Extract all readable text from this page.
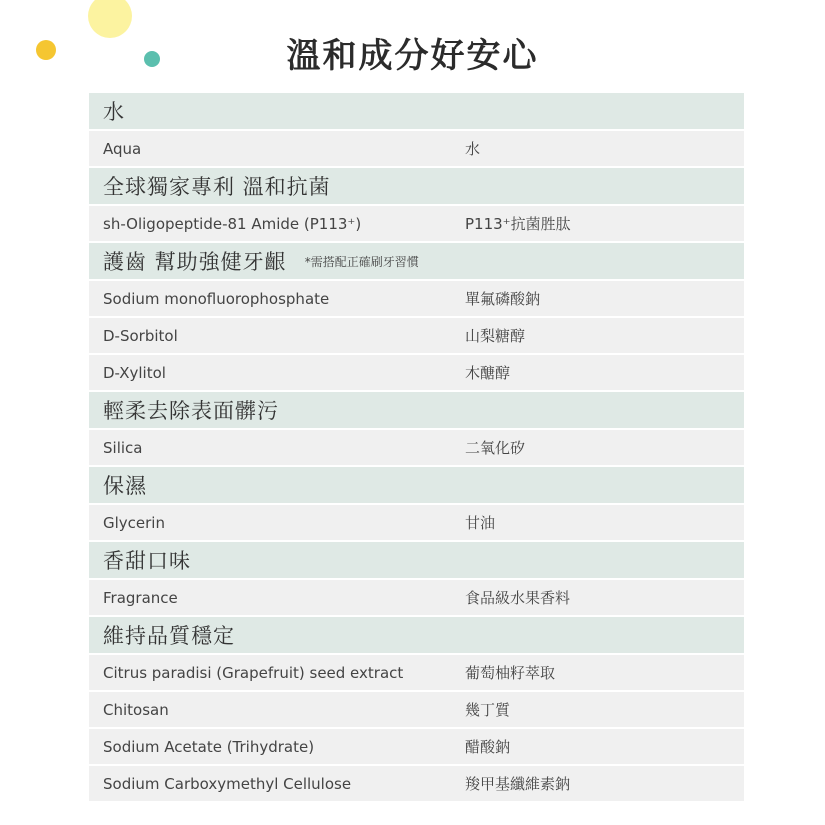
溫和成分好安心
水
Aqua	水
全球獨家專利 溫和抗菌
sh-Oligopeptide-81 Amide (P113⁺)	P113⁺抗菌胜肽
護齒 幫助強健牙齦 *需搭配正確刷牙習慣
Sodium monofluorophosphate	單氟磷酸鈉
D-Sorbitol	山梨糖醇
D-Xylitol	木醣醇
輕柔去除表面髒污
Silica	二氧化矽
保濕
Glycerin	甘油
香甜口味
Fragrance	食品級水果香料
維持品質穩定
Citrus paradisi (Grapefruit) seed extract	葡萄柚籽萃取
Chitosan	幾丁質
Sodium Acetate (Trihydrate)	醋酸鈉
Sodium Carboxymethyl Cellulose	羧甲基纖維素鈉
